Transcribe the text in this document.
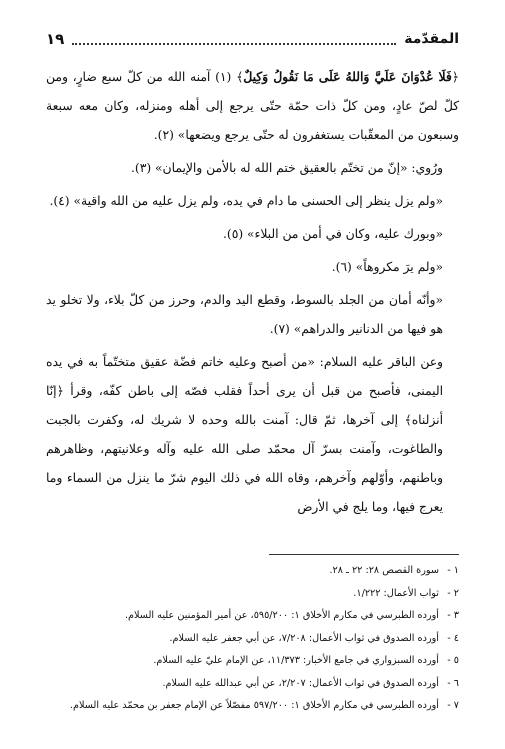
المقدّمة
١٩

﴿فَلَا عُدْوَانَ عَلَيَّ وَاللهُ عَلَى مَا نَقُولُ وَكِيلٌ﴾ (١) آمنه الله من كلّ سبع ضارٍ، ومن كلّ لصّ عادٍ، ومن كلّ ذات حمّة حتّى يرجع إلى أهله ومنزله، وكان معه سبعة وسبعون من المعقّبات يستغفرون له حتّى يرجع ويضعها» (٢).

ورُوي: «إنّ من تختّم بالعقيق ختم الله له بالأمن والإيمان» (٣).

«ولم يزل ينظر إلى الحسنى ما دام في يده، ولم يزل عليه من الله واقية» (٤).

«وبورك عليه، وكان في أمن من البلاء» (٥).

«ولم يرَ مكروهاً» (٦).

«وأنّه أمان من الجلد بالسوط، وقطع اليد والدم، وحرز من كلّ بلاء، ولا تخلو يد هو فيها من الدنانير والدراهم» (٧).

وعن الباقر عليه السلام: «من أصبح وعليه خاتم فضّة عقيق متختّماً به في يده اليمنى، فأصبح من قبل أن يرى أحداً فقلب فصّه إلى باطن كفّه، وقرأ ﴿إنّا أنزلناه﴾ إلى آخرها، ثمّ قال: آمنت بالله وحده لا شريك له، وكفرت بالجبت والطاغوت، وآمنت بسرّ آل محمّد صلى الله عليه وآله وعلانيتهم، وظاهرهم وباطنهم، وأوّلهم وآخرهم، وقاه الله في ذلك اليوم شرّ ما ينزل من السماء وما يعرج فيها، وما يلج في الأرض

١ -
سورة القصص ٢٨: ٢٢ ـ ٢٨.
٢ -
ثواب الأعمال: ١/٢٢٢.
٣ -
أورده الطبرسي في مكارم الأخلاق ١: ٥٩٥/٢٠٠، عن أمير المؤمنين عليه السلام.
٤ -
أورده الصدوق في ثواب الأعمال: ٧/٢٠٨، عن أبي جعفر عليه السلام.
٥ -
أورده السبزواري في جامع الأخبار: ١١/٣٧٣، عن الإمام عليّ عليه السلام.
٦ -
أورده الصدوق في ثواب الأعمال: ٢/٢٠٧، عن أبي عبدالله عليه السلام.
٧ -
أورده الطبرسي في مكارم الأخلاق ١: ٥٩٧/٢٠٠ مفصّلاً عن الإمام جعفر بن محمّد عليه السلام.
